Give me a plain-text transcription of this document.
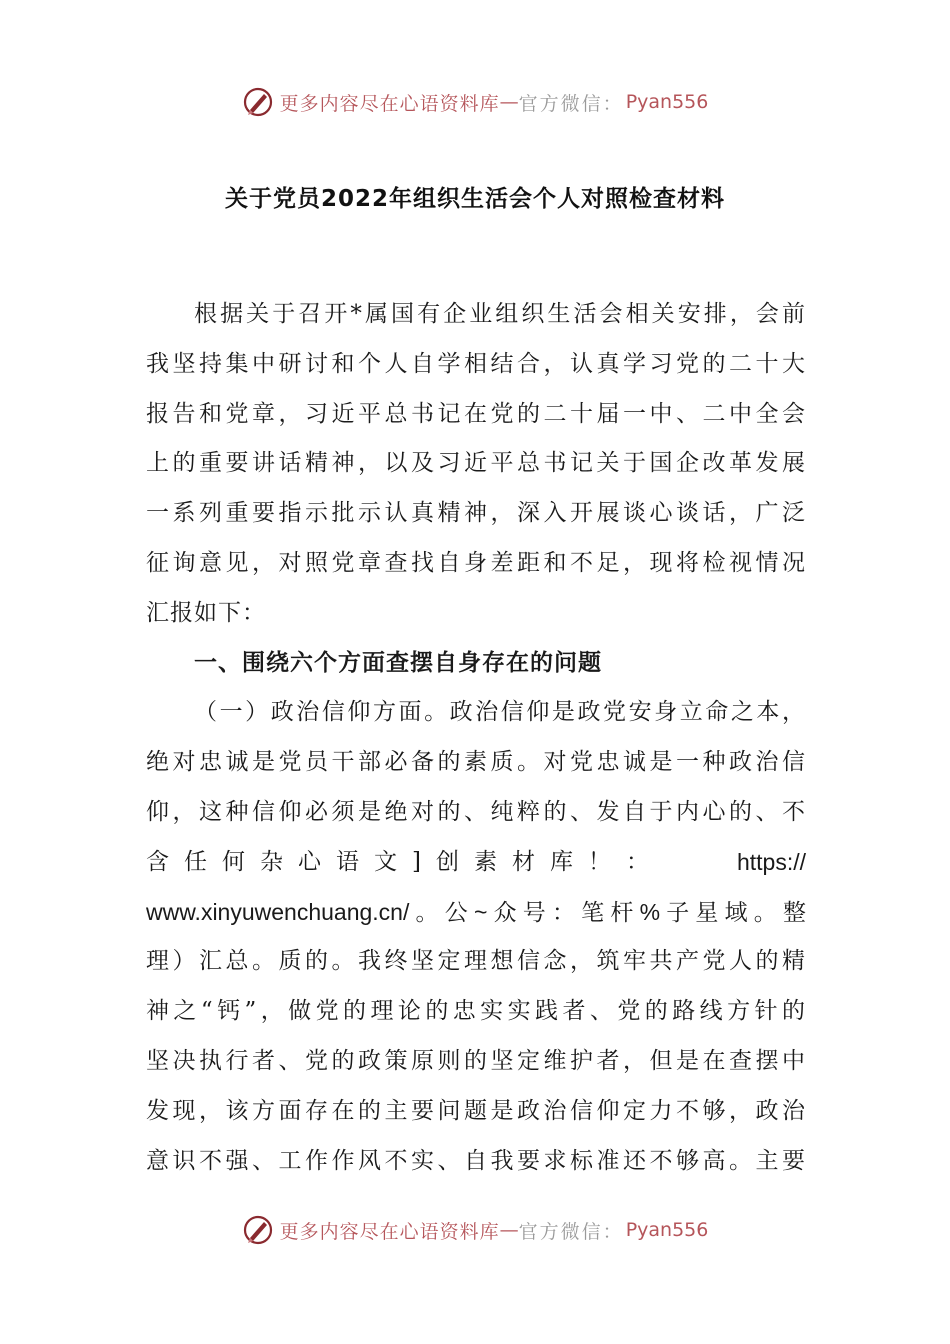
更多内容尽在心语资料库 — 官方微信： Pyan556
关于党员2022年组织生活会个人对照检查材料
根据关于召开*属国有企业组织生活会相关安排，会前
我坚持集中研讨和个人自学相结合，认真学习党的二十大
报告和党章，习近平总书记在党的二十届一中、二中全会
上的重要讲话精神，以及习近平总书记关于国企改革发展
一系列重要指示批示认真精神，深入开展谈心谈话，广泛
征询意见，对照党章查找自身差距和不足，现将检视情况
汇报如下：
一、围绕六个方面查摆自身存在的问题
（一）政治信仰方面。政治信仰是政党安身立命之本，
绝对忠诚是党员干部必备的素质。对党忠诚是一种政治信
仰，这种信仰必须是绝对的、纯粹的、发自于内心的、不
含任何杂心语文]创素材库！：	https://
www.xinyuwenchuang.cn/。公~众号：笔杆%子星域。整
理）汇总。质的。我终坚定理想信念，筑牢共产党人的精
神之“钙”，做党的理论的忠实实践者、党的路线方针的
坚决执行者、党的政策原则的坚定维护者，但是在查摆中
发现，该方面存在的主要问题是政治信仰定力不够，政治
意识不强、工作作风不实、自我要求标准还不够高。主要
更多内容尽在心语资料库 — 官方微信： Pyan556
